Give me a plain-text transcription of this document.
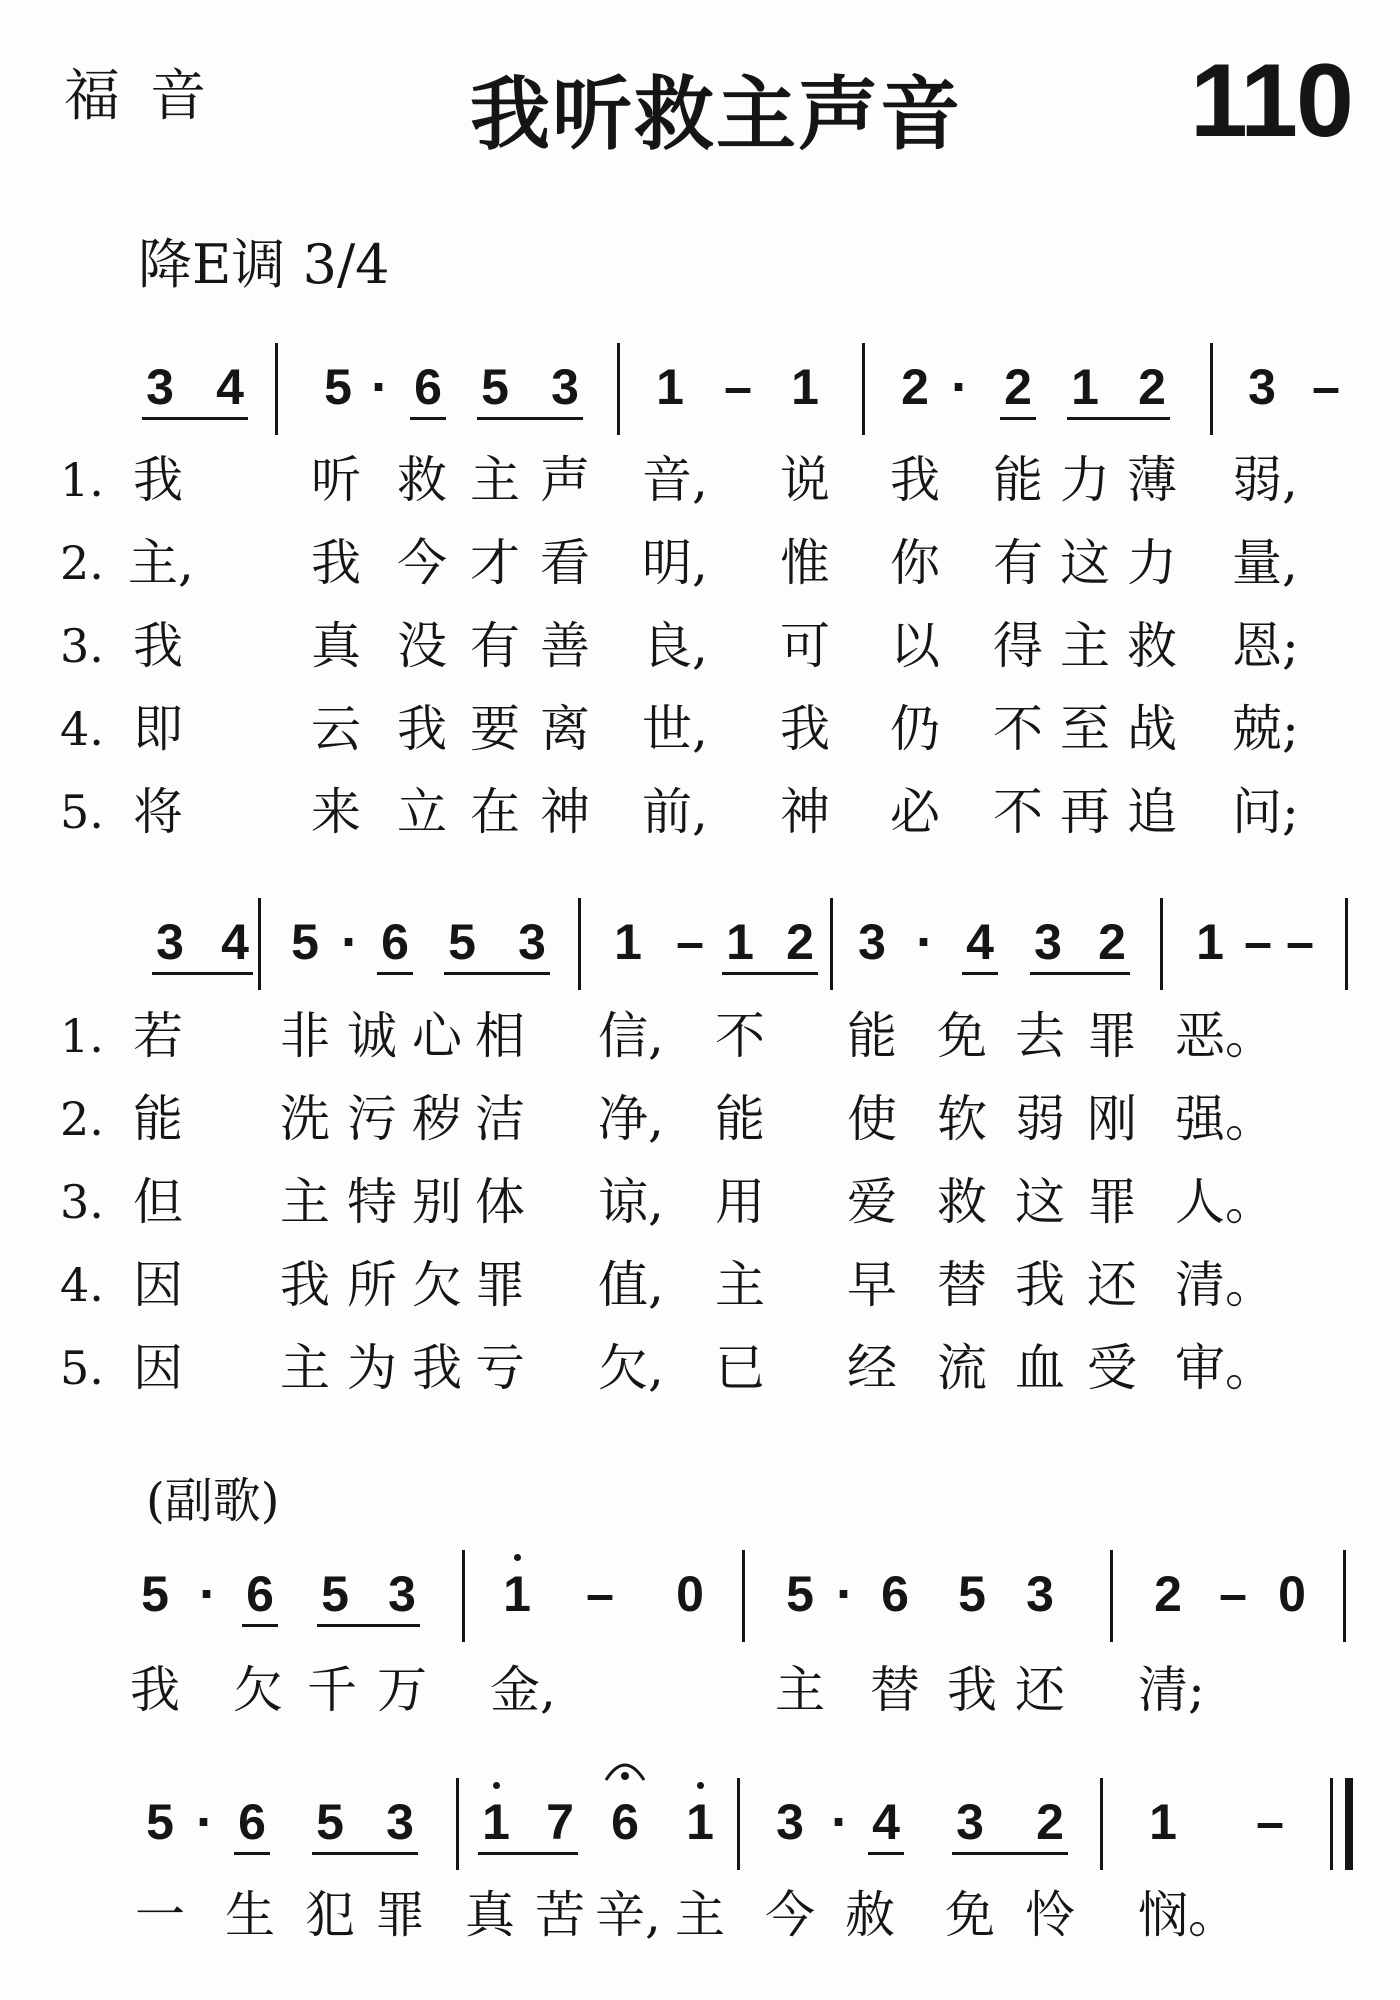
福音	我听救主声音 110
降E调 3/4
(副歌)
3 4 5 · 6 5 3 1 – 1 2 · 2 1 2 3 –
1. 我	听 救 主 声 音, 说 我 能 力 薄 弱,
2. 主, 我 今 才 看 明, 惟 你 有 这 力 量,
3. 我	真 没 有 善 良, 可 以 得 主 救 恩;
4. 即	云 我 要 离 世, 我 仍 不 至 战 兢;
5. 将	来 立 在 神 前, 神 必 不 再 追 问;
3 4 5 · 6 5 3 1 – 1 2 3 · 4 3 2 1 – –
1. 若 非 诚 心 相 信, 不 能 免 去 罪 恶。
2. 能 洗 污 秽 洁 净, 能 使 软 弱 刚 强。
3. 但 主 特 别 体 谅, 用 爱 救 这 罪 人。
4. 因 我 所 欠 罪 值, 主 早 替 我 还 清。
5. 因 主 为 我 亏 欠, 已 经 流 血 受 审。
5 · 6 5 3 1 – 0 5 · 6 5 3 2 – 0
我 欠 千 万 金,	主 替 我 还 清;
5 · 6 5 3 1 7 6 1 3 · 4 3 2 1 –
一 生 犯 罪 真 苦 辛, 主 今 赦 免 怜 悯。
